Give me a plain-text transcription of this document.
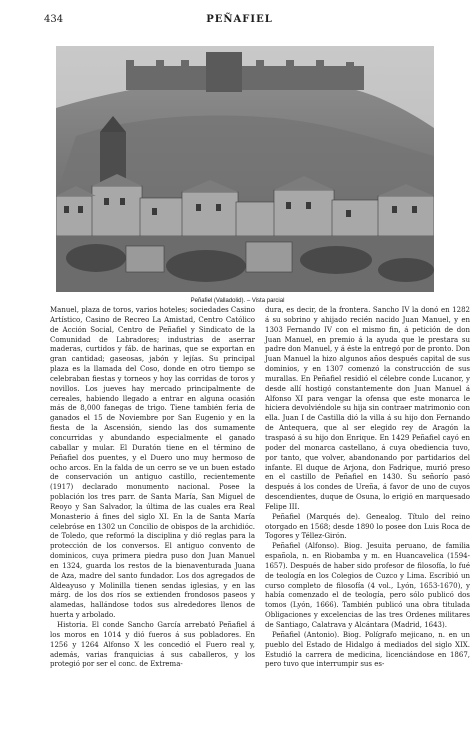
434	PEÑAFIEL
Peñafiel (Valladolid). – Vista parcial

Manuel, plaza de toros, varios hoteles; sociedades Casino Artístico, Casino de Recreo La Amistad, Centro Católico de Acción Social, Centro de Peñafiel y Sindicato de la Comunidad de Labradores; industrias de aserrar maderas, curtidos y fáb. de harinas, que se exportan en gran cantidad; gaseosas, jabón y lejías. Su principal plaza es la llamada del Coso, donde en otro tiempo se celebraban fiestas y torneos y hoy las corridas de toros y novillos. Los jueves hay mercado principalmente de cereales, habiendo llegado a entrar en alguna ocasión más de 8,000 fanegas de trigo. Tiene también feria de ganados el 15 de Noviembre por San Eugenio y en la fiesta de la Ascensión, siendo las dos sumamente concurridas y abundando especialmente el ganado caballar y mular. El Duratón tiene en el término de Peñafiel dos puentes, y el Duero uno muy hermoso de ocho arcos. En la falda de un cerro se ve un buen estado de conservación un antiguo castillo, recientemente (1917) declarado monumento nacional. Posee la población los tres parr. de Santa María, San Miguel de Reoyo y San Salvador, la última de las cuales era Real Monasterio á fines del siglo XI. En la de Santa María celebróse en 1302 un Concilio de obispos de la archidióc. de Toledo, que reformó la disciplina y dió reglas para la protección de los conversos. El antiguo convento de dominicos, cuya primera piedra puso don Juan Manuel en 1324, guarda los restos de la bienaventurada Juana de Aza, madre del santo fundador. Los dos agregados de Aldeayuso y Molinilla tienen sendas iglesias, y en las márg. de los dos ríos se extienden frondosos paseos y alamedas, hallándose todos sus alrededores llenos de huerta y arbolado.

Historia. El conde Sancho García arrebató Peñafiel á los moros en 1014 y dió fueros á sus pobladores. En 1256 y 1264 Alfonso X les concedió el Fuero real y, además, varias franquicias á sus caballeros, y los protegió por ser el conc. de Extrema-

dura, es decir, de la frontera. Sancho IV la donó en 1282 á su sobrino y ahijado recién nacido Juan Manuel, y en 1303 Fernando IV con el mismo fin, á petición de don Juan Manuel, en premio á la ayuda que le prestara su padre don Manuel, y á éste la entregó por de pronto. Don Juan Manuel la hizo algunos años después capital de sus dominios, y en 1307 comenzó la construcción de sus murallas. En Peñafiel residió el célebre conde Lucanor, y desde allí hostigó constantemente don Juan Manuel á Alfonso XI para vengar la ofensa que este monarca le hiciera devolviéndole su hija sin contraer matrimonio con ella. Juan I de Castilla dió la villa á su hijo don Fernando de Antequera, que al ser elegido rey de Aragón la traspasó á su hijo don Enrique. En 1429 Peñafiel cayó en poder del monarca castellano, á cuya obediencia tuvo, por tanto, que volver, abandonando por partidarios del infante. El duque de Arjona, don Fadrique, murió preso en el castillo de Peñafiel en 1430. Su señorío pasó después á los condes de Ureña, á favor de uno de cuyos descendientes, duque de Osuna, lo erigió en marquesado Felipe III.

Peñafiel (Marqués de). Genealog. Título del reino otorgado en 1568; desde 1890 lo posee don Luis Roca de Togores y Téllez-Girón.

Peñafiel (Alfonso). Biog. Jesuita peruano, de familia española, n. en Riobamba y m. en Huancavelica (1594-1657). Después de haber sido profesor de filosofía, lo fué de teología en los Colegios de Cuzco y Lima. Escribió un curso completo de filosofía (4 vol., Lyón, 1653-1670), y había comenzado el de teología, pero sólo publicó dos tomos (Lyón, 1666). También publicó una obra titulada Obligaciones y excelencias de las tres Ordenes militares de Santiago, Calatrava y Alcántara (Madrid, 1643).

Peñafiel (Antonio). Biog. Polígrafo mejicano, n. en un pueblo del Estado de Hidalgo á mediados del siglo XIX. Estudió la carrera de medicina, licenciándose en 1867, pero tuvo que interrumpir sus es-
